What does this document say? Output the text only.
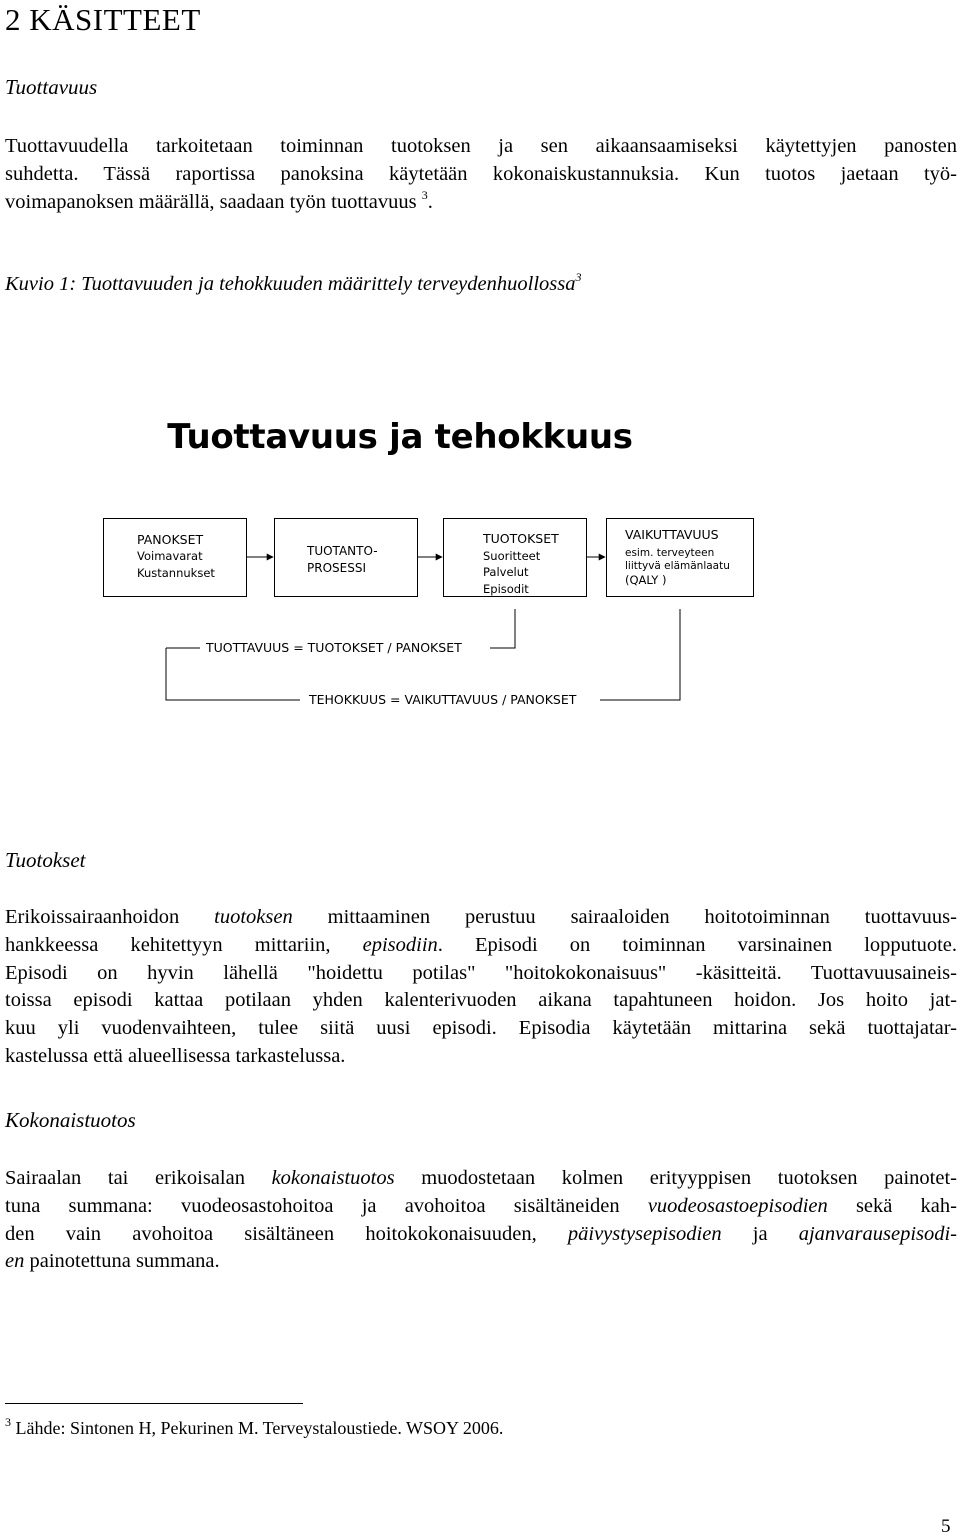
2 KÄSITTEET
Tuottavuus
Tuottavuudella tarkoitetaan toiminnan tuotoksen ja sen aikaansaamiseksi käytettyjen panosten
suhdetta. Tässä raportissa panoksina käytetään kokonaiskustannuksia. Kun tuotos jaetaan työ-
voimapanoksen määrällä, saadaan työn tuottavuus $^3$.
Kuvio 1: Tuottavuuden ja tehokkuuden määrittely terveydenhuollossa$^3$
Tuottavuus ja tehokkuus
PANOKSET
Voimavarat
Kustannukset
TUOTANTO-
PROSESSI
TUOTOKSET
Suoritteet
Palvelut
Episodit
VAIKUTTAVUUS
esim. terveyteen
liittyvä elämänlaatu
(QALY )
TUOTTAVUUS = TUOTOKSET / PANOKSET
TEHOKKUUS = VAIKUTTAVUUS / PANOKSET
Tuotokset
Erikoissairaanhoidon tuotoksen mittaaminen perustuu sairaaloiden hoitotoiminnan tuottavuus-
hankkeessa kehitettyyn mittariin, episodiin. Episodi on toiminnan varsinainen lopputuote.
Episodi on hyvin lähellä "hoidettu potilas" "hoitokokonaisuus" -käsitteitä. Tuottavuusaineis-
toissa episodi kattaa potilaan yhden kalenterivuoden aikana tapahtuneen hoidon. Jos hoito jat-
kuu yli vuodenvaihteen, tulee siitä uusi episodi. Episodia käytetään mittarina sekä tuottajatar-
kastelussa että alueellisessa tarkastelussa.
Kokonaistuotos
Sairaalan tai erikoisalan kokonaistuotos muodostetaan kolmen erityyppisen tuotoksen painotet-
tuna summana: vuodeosastohoitoa ja avohoitoa sisältäneiden vuodeosastoepisodien sekä kah-
den vain avohoitoa sisältäneen hoitokokonaisuuden, päivystysepisodien ja ajanvarausepisodi-
en painotettuna summana.
$^3$ Lähde: Sintonen H, Pekurinen M. Terveystaloustiede. WSOY 2006.
5
